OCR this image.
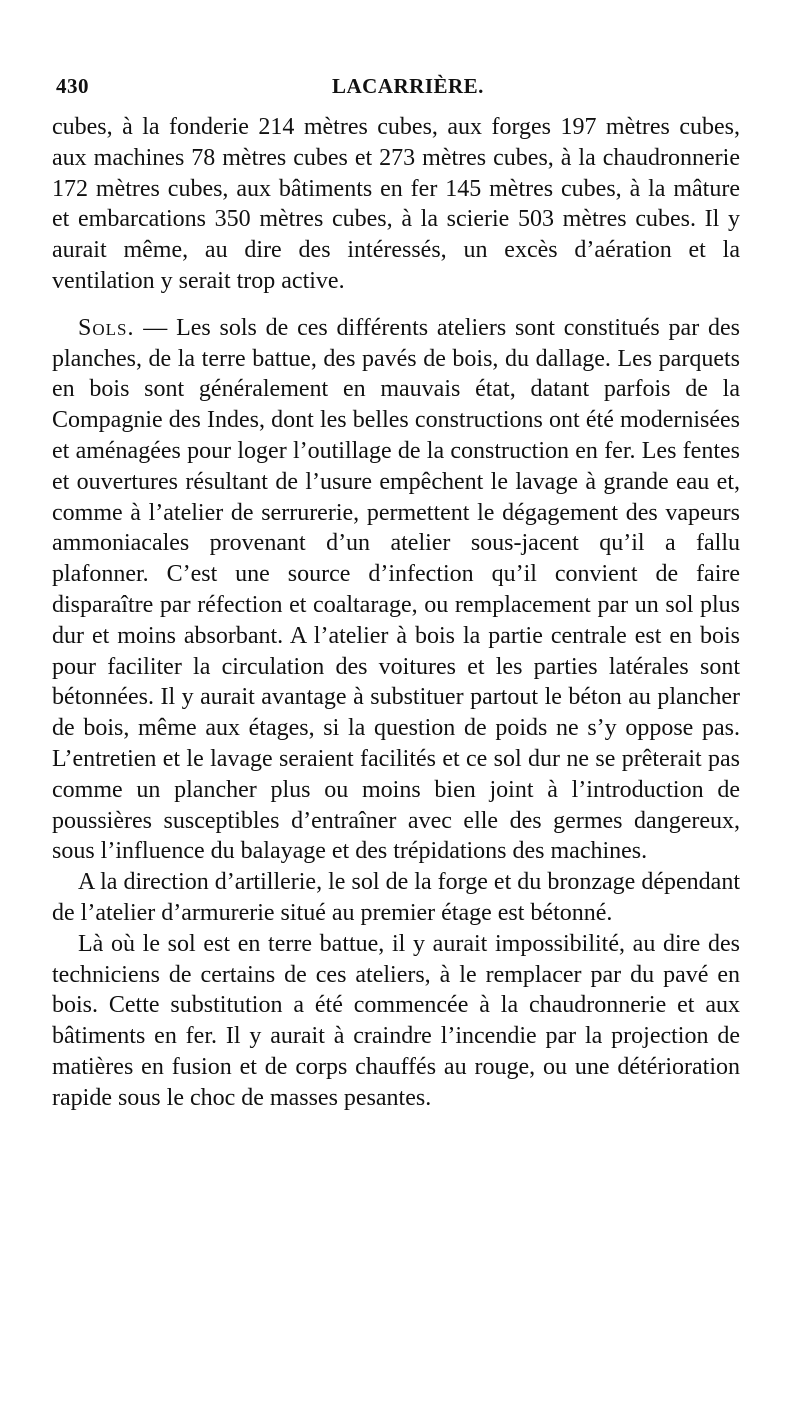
430	LACARRIÈRE.

cubes, à la fonderie 214 mètres cubes, aux forges 197 mètres cubes, aux machines 78 mètres cubes et 273 mètres cubes, à la chaudronnerie 172 mètres cubes, aux bâtiments en fer 145 mètres cubes, à la mâture et embarcations 350 mètres cubes, à la scierie 503 mètres cubes. Il y aurait même, au dire des intéressés, un excès d’aération et la ventilation y serait trop active.

Sols. — Les sols de ces différents ateliers sont constitués par des planches, de la terre battue, des pavés de bois, du dallage. Les parquets en bois sont généralement en mauvais état, datant parfois de la Compagnie des Indes, dont les belles constructions ont été modernisées et aménagées pour loger l’outillage de la construction en fer. Les fentes et ouvertures résultant de l’usure empêchent le lavage à grande eau et, comme à l’atelier de serrurerie, permettent le dégagement des vapeurs ammoniacales provenant d’un atelier sous-jacent qu’il a fallu plafonner. C’est une source d’infection qu’il convient de faire disparaître par réfection et coaltarage, ou remplacement par un sol plus dur et moins absorbant. A l’atelier à bois la partie centrale est en bois pour faciliter la circulation des voitures et les parties latérales sont bétonnées. Il y aurait avantage à substituer partout le béton au plancher de bois, même aux étages, si la question de poids ne s’y oppose pas. L’entretien et le lavage seraient facilités et ce sol dur ne se prêterait pas comme un plancher plus ou moins bien joint à l’introduction de poussières susceptibles d’entraîner avec elle des germes dangereux, sous l’influence du balayage et des trépidations des machines.

A la direction d’artillerie, le sol de la forge et du bronzage dépendant de l’atelier d’armurerie situé au premier étage est bétonné.

Là où le sol est en terre battue, il y aurait impossibilité, au dire des techniciens de certains de ces ateliers, à le remplacer par du pavé en bois. Cette substitution a été commencée à la chaudronnerie et aux bâtiments en fer. Il y aurait à craindre l’incendie par la projection de matières en fusion et de corps chauffés au rouge, ou une détérioration rapide sous le choc de masses pesantes.
